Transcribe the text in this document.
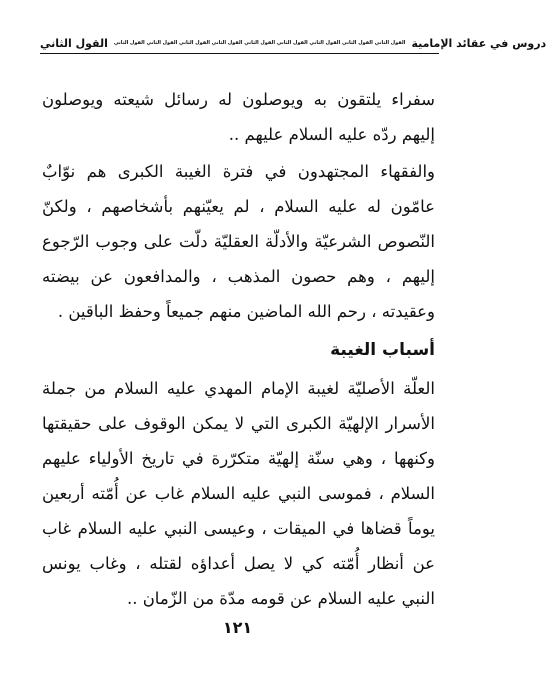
القول الثاني القول الثاني القول الثاني القول الثاني القول الثاني القول الثاني القول الثاني القول الثاني القول الثاني القول الثاني دروس في عقائد الإمامية

سفراء يلتقون به ويوصلون له رسائل شيعته ويوصلون إليهم ردّه عليه السلام عليهم ..

والفقهاء المجتهدون في فترة الغيبة الكبرى هم نوّابٌ عامّون له عليه السلام ، لم يعيّنهم بأشخاصهم ، ولكنّ النّصوص الشرعيّة والأدلّة العقليّة دلّت على وجوب الرّجوع إليهم ، وهم حصون المذهب ، والمدافعون عن بيضته وعقيدته ، رحم الله الماضين منهم جميعاً وحفظ الباقين .

أسباب الغيبة

العلّة الأصليّة لغيبة الإمام المهدي عليه السلام من جملة الأسرار الإلهيّة الكبرى التي لا يمكن الوقوف على حقيقتها وكنهها ، وهي سنّة إلهيّة متكرّرة في تاريخ الأولياء عليهم السلام ، فموسى النبي عليه السلام غاب عن أُمّته أربعين يوماً قضاها في الميقات ، وعيسى النبي عليه السلام غاب عن أنظار أُمّته كي لا يصل أعداؤه لقتله ، وغاب يونس النبي عليه السلام عن قومه مدّة من الزّمان ..

١٢١
